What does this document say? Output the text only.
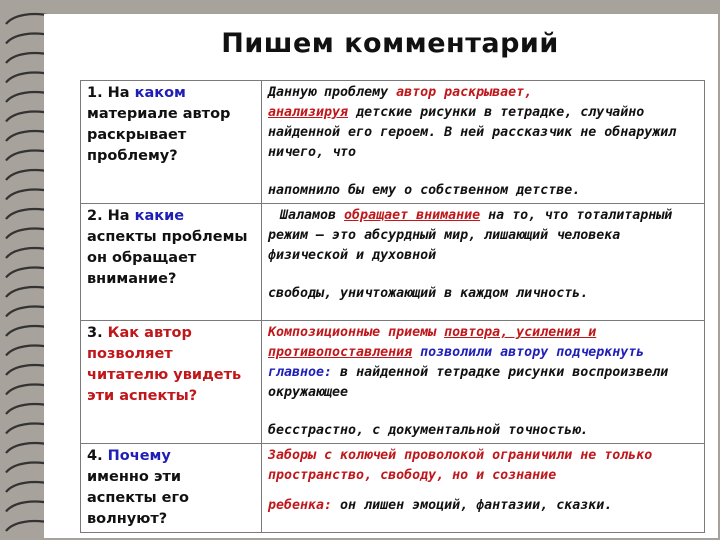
Пишем комментарий
1. На каком
материале автор раскрывает проблему?	Данную проблему автор раскрывает,
анализируя детские рисунки в тетрадке, случайно найденной его героем. В ней рассказчик не обнаружил ничего, что
напомнило бы ему о собственном детстве.
2. На какие
аспекты проблемы он обращает внимание?	Шаламов обращает внимание на то, что тоталитарный режим – это абсурдный мир, лишающий человека физической и духовной
свободы, уничтожающий в каждом личность.
3. Как автор позволяет читателю увидеть эти аспекты?	Композиционные приемы повтора, усиления и противопоставления позволили автору подчеркнуть главное: в найденной тетрадке рисунки воспроизвели окружающее
бесстрастно, с документальной точностью.
4. Почему
именно эти аспекты его волнуют?	Заборы с колючей проволокой ограничили не только пространство, свободу, но и сознание
ребенка: он лишен эмоций, фантазии, сказки.
